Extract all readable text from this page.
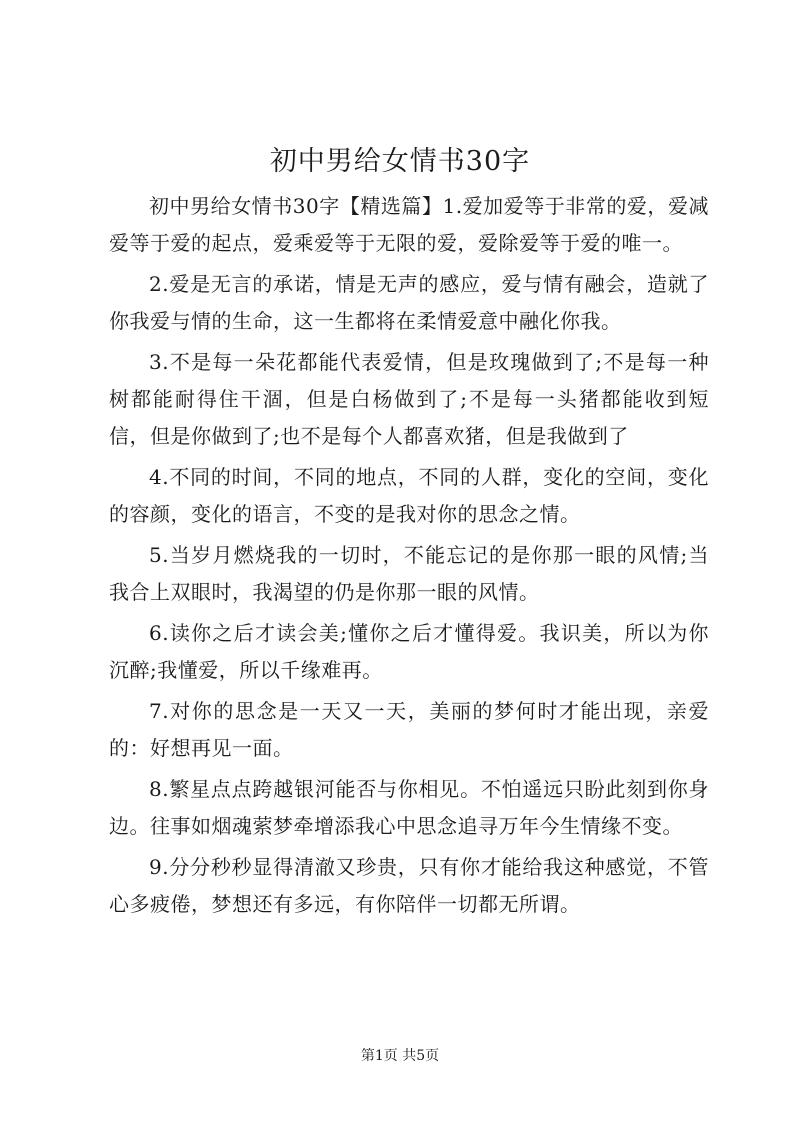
初中男给女情书30字

初中男给女情书30字【精选篇】1.爱加爱等于非常的爱，爱减爱等于爱的起点，爱乘爱等于无限的爱，爱除爱等于爱的唯一。

2.爱是无言的承诺，情是无声的感应，爱与情有融会，造就了你我爱与情的生命，这一生都将在柔情爱意中融化你我。

3.不是每一朵花都能代表爱情，但是玫瑰做到了;不是每一种树都能耐得住干涸，但是白杨做到了;不是每一头猪都能收到短信，但是你做到了;也不是每个人都喜欢猪，但是我做到了

4.不同的时间，不同的地点，不同的人群，变化的空间，变化的容颜，变化的语言，不变的是我对你的思念之情。

5.当岁月燃烧我的一切时，不能忘记的是你那一眼的风情;当我合上双眼时，我渴望的仍是你那一眼的风情。

6.读你之后才读会美;懂你之后才懂得爱。我识美，所以为你沉醉;我懂爱，所以千缘难再。

7.对你的思念是一天又一天，美丽的梦何时才能出现，亲爱的：好想再见一面。

8.繁星点点跨越银河能否与你相见。不怕遥远只盼此刻到你身边。往事如烟魂萦梦牵增添我心中思念追寻万年今生情缘不变。

9.分分秒秒显得清澈又珍贵，只有你才能给我这种感觉，不管心多疲倦，梦想还有多远，有你陪伴一切都无所谓。

第1页 共5页
